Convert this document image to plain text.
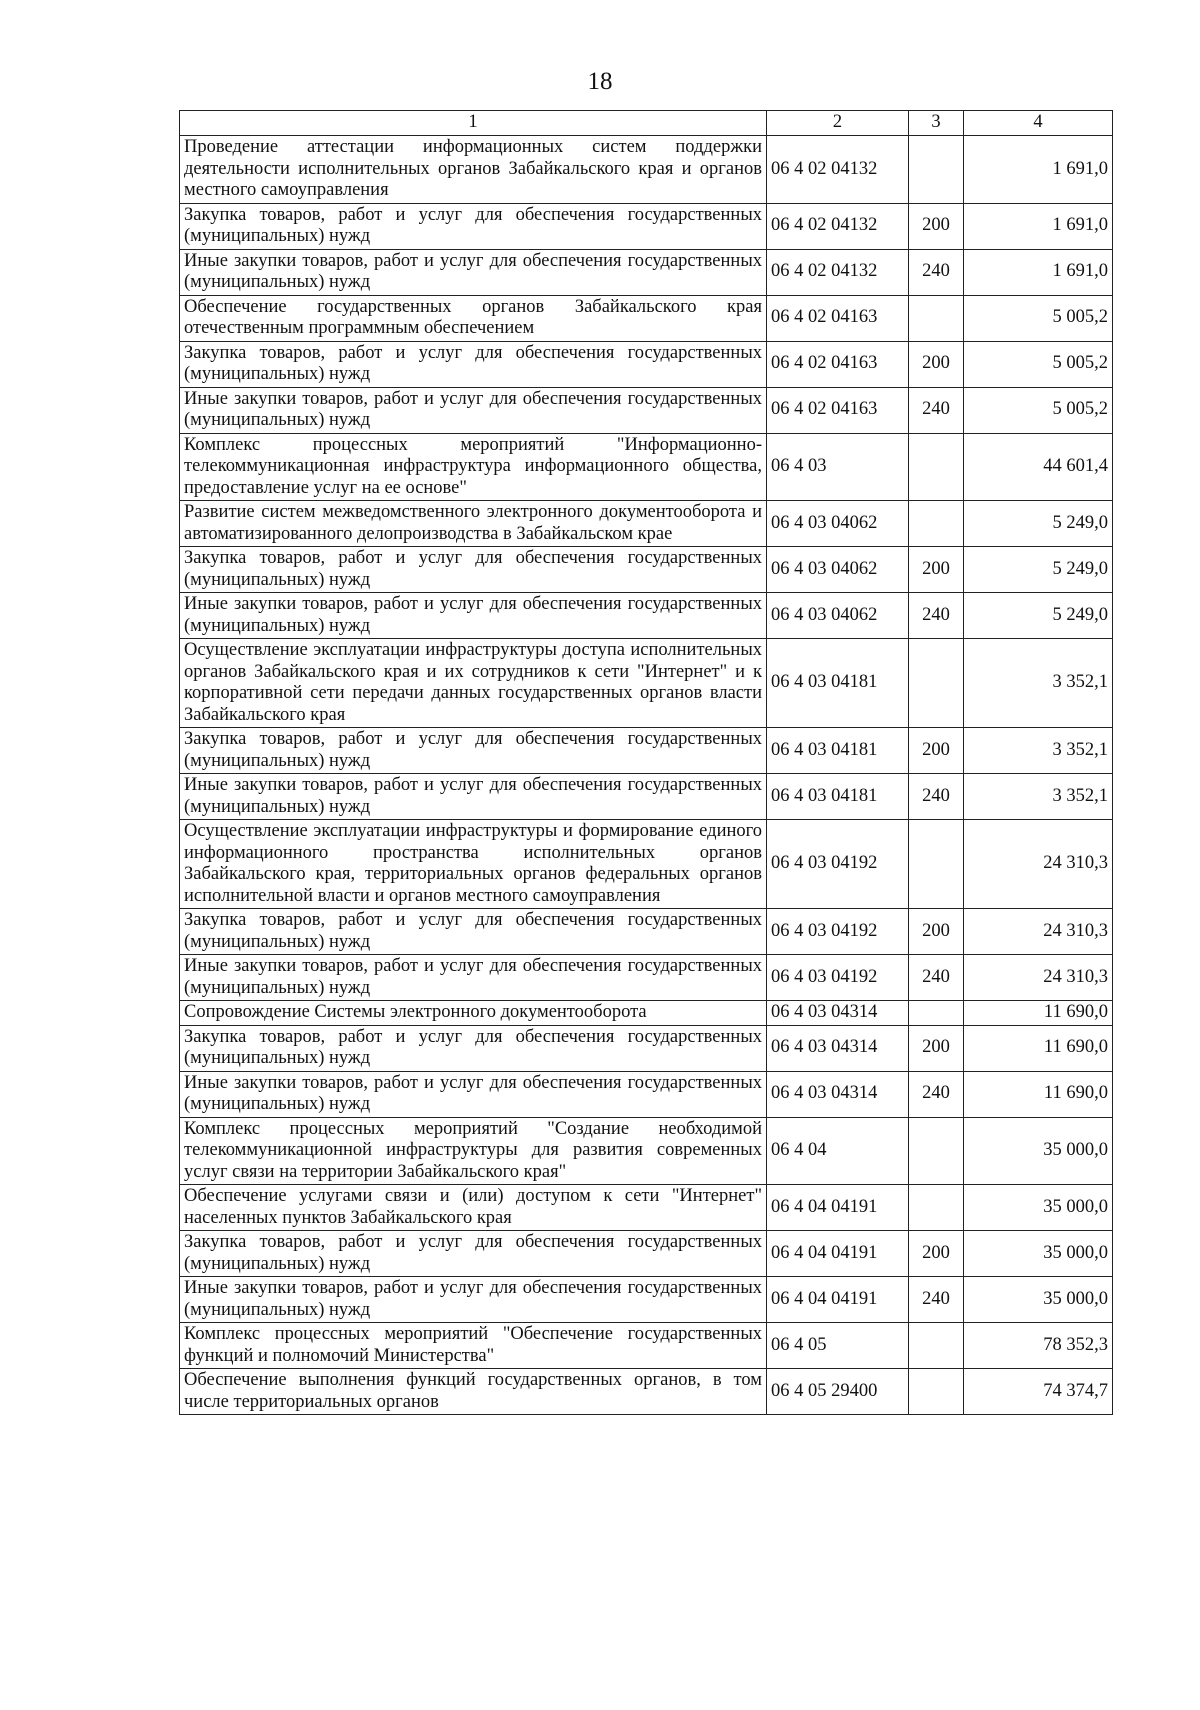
18
1	2	3	4
Проведение аттестации информационных систем поддержки деятельности исполнительных органов Забайкальского края и органов местного самоуправления	06 4 02 04132		1 691,0
Закупка товаров, работ и услуг для обеспечения государственных (муниципальных) нужд	06 4 02 04132	200	1 691,0
Иные закупки товаров, работ и услуг для обеспечения государственных (муниципальных) нужд	06 4 02 04132	240	1 691,0
Обеспечение государственных органов Забайкальского края отечественным программным обеспечением	06 4 02 04163		5 005,2
Закупка товаров, работ и услуг для обеспечения государственных (муниципальных) нужд	06 4 02 04163	200	5 005,2
Иные закупки товаров, работ и услуг для обеспечения государственных (муниципальных) нужд	06 4 02 04163	240	5 005,2
Комплекс процессных мероприятий "Информационно-телекоммуникационная инфраструктура информационного общества, предоставление услуг на ее основе"	06 4 03		44 601,4
Развитие систем межведомственного электронного документооборота и автоматизированного делопроизводства в Забайкальском крае	06 4 03 04062		5 249,0
Закупка товаров, работ и услуг для обеспечения государственных (муниципальных) нужд	06 4 03 04062	200	5 249,0
Иные закупки товаров, работ и услуг для обеспечения государственных (муниципальных) нужд	06 4 03 04062	240	5 249,0
Осуществление эксплуатации инфраструктуры доступа исполнительных органов Забайкальского края и их сотрудников к сети "Интернет" и к корпоративной сети передачи данных государственных органов власти Забайкальского края	06 4 03 04181		3 352,1
Закупка товаров, работ и услуг для обеспечения государственных (муниципальных) нужд	06 4 03 04181	200	3 352,1
Иные закупки товаров, работ и услуг для обеспечения государственных (муниципальных) нужд	06 4 03 04181	240	3 352,1
Осуществление эксплуатации инфраструктуры и формирование единого информационного пространства исполнительных органов Забайкальского края, территориальных органов федеральных органов исполнительной власти и органов местного самоуправления	06 4 03 04192		24 310,3
Закупка товаров, работ и услуг для обеспечения государственных (муниципальных) нужд	06 4 03 04192	200	24 310,3
Иные закупки товаров, работ и услуг для обеспечения государственных (муниципальных) нужд	06 4 03 04192	240	24 310,3
Сопровождение Системы электронного документооборота	06 4 03 04314		11 690,0
Закупка товаров, работ и услуг для обеспечения государственных (муниципальных) нужд	06 4 03 04314	200	11 690,0
Иные закупки товаров, работ и услуг для обеспечения государственных (муниципальных) нужд	06 4 03 04314	240	11 690,0
Комплекс процессных мероприятий "Создание необходимой телекоммуникационной инфраструктуры для развития современных услуг связи на территории Забайкальского края"	06 4 04		35 000,0
Обеспечение услугами связи и (или) доступом к сети "Интернет" населенных пунктов Забайкальского края	06 4 04 04191		35 000,0
Закупка товаров, работ и услуг для обеспечения государственных (муниципальных) нужд	06 4 04 04191	200	35 000,0
Иные закупки товаров, работ и услуг для обеспечения государственных (муниципальных) нужд	06 4 04 04191	240	35 000,0
Комплекс процессных мероприятий "Обеспечение государственных функций и полномочий Министерства"	06 4 05		78 352,3
Обеспечение выполнения функций государственных органов, в том числе территориальных органов	06 4 05 29400		74 374,7
